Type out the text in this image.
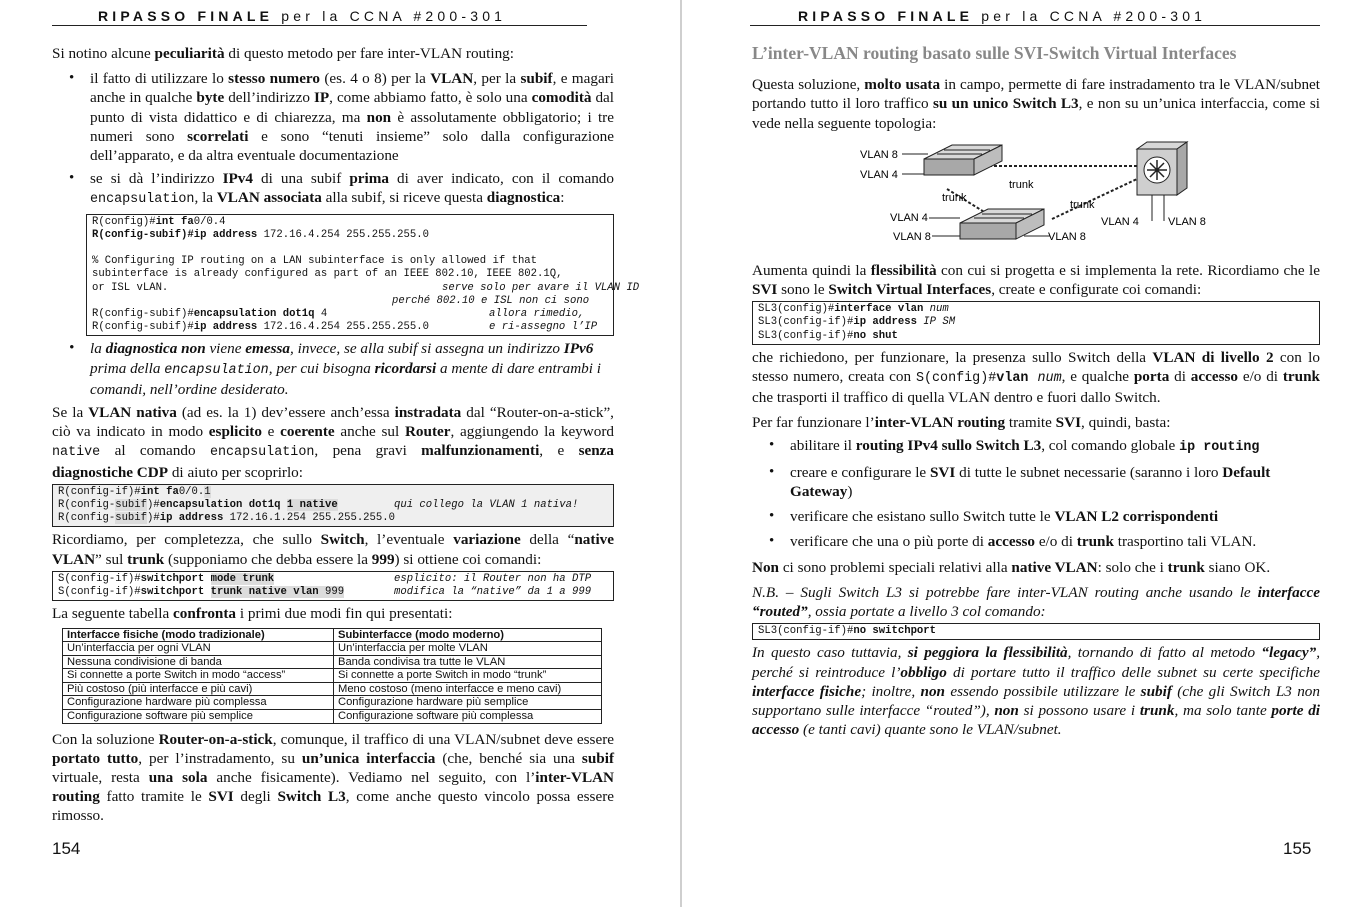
RIPASSO FINALE per la CCNA #200-301

Si notino alcune peculiarità di questo metodo per fare inter-VLAN routing:

• il fatto di utilizzare lo stesso numero (es. 4 o 8) per la VLAN, per la subif, e magari anche in qualche byte dell’indirizzo IP, come abbiamo fatto, è solo una comodità dal punto di vista didattico e di chiarezza, ma non è assolutamente obbligatorio; i tre numeri sono scorrelati e sono “tenuti insieme” solo dalla configurazione dell’apparato, e da altra eventuale documentazione
• se si dà l’indirizzo IPv4 di una subif prima di aver indicato, con il comando encapsulation, la VLAN associata alla subif, si riceve questa diagnostica:
R(config)#int fa0/0.4
R(config-subif)#ip address 172.16.4.254 255.255.255.0

% Configuring IP routing on a LAN subinterface is only allowed if that
subinterface is already configured as part of an IEEE 802.10, IEEE 802.1Q,
or ISL vLAN.	serve solo per avare il VLAN ID

perché 802.10 e ISL non ci sono
R(config-subif)#encapsulation dot1q 4	allora rimedio,
R(config-subif)#ip address 172.16.4.254 255.255.255.0	e ri-assegno l’IP
• la diagnostica non viene emessa, invece, se alla subif si assegna un indirizzo IPv6 prima della encapsulation, per cui bisogna ricordarsi a mente di dare entrambi i comandi, nell’ordine desiderato.

Se la VLAN nativa (ad es. la 1) dev’essere anch’essa instradata dal “Router-on-a-stick”, ciò va indicato in modo esplicito e coerente anche sul Router, aggiungendo la keyword native al comando encapsulation, pena gravi malfunzionamenti, e senza diagnostiche CDP di aiuto per scoprirlo:

R(config-if)#int fa0/0.1
R(config-subif)#encapsulation dot1q 1 native	qui collego la VLAN 1 nativa!
R(config-subif)#ip address 172.16.1.254 255.255.255.0

Ricordiamo, per completezza, che sullo Switch, l’eventuale variazione della “native VLAN” sul trunk (supponiamo che debba essere la 999) si ottiene coi comandi:

S(config-if)#switchport mode trunk	esplicito: il Router non ha DTP
S(config-if)#switchport trunk native vlan 999	modifica la “native” da 1 a 999

La seguente tabella confronta i primi due modi fin qui presentati:

Interfacce fisiche (modo tradizionale)	Subinterfacce (modo moderno)
Un’interfaccia per ogni VLAN	Un’interfaccia per molte VLAN
Nessuna condivisione di banda	Banda condivisa tra tutte le VLAN
Si connette a porte Switch in modo “access”	Si connette a porte Switch in modo “trunk”
Più costoso (più interfacce e più cavi)	Meno costoso (meno interfacce e meno cavi)
Configurazione hardware più complessa	Configurazione hardware più semplice
Configurazione software più semplice	Configurazione software più complessa

Con la soluzione Router-on-a-stick, comunque, il traffico di una VLAN/subnet deve essere portato tutto, per l’instradamento, su un’unica interfaccia (che, benché sia una subif virtuale, resta una sola anche fisicamente). Vediamo nel seguito, con l’inter-VLAN routing fatto tramite le SVI degli Switch L3, come anche questo vincolo possa essere rimosso.

154
RIPASSO FINALE per la CCNA #200-301
L’inter-VLAN routing basato sulle SVI-Switch Virtual Interfaces

Questa soluzione, molto usata in campo, permette di fare instradamento tra le VLAN/subnet portando tutto il loro traffico su un unico Switch L3, e non su un’unica interfaccia, come si vede nella seguente topologia:

VLAN 8
VLAN 4
trunk
trunk
trunk
VLAN 4
VLAN 8	VLAN 8
VLAN 4	VLAN 8

Aumenta quindi la flessibilità con cui si progetta e si implementa la rete. Ricordiamo che le SVI sono le Switch Virtual Interfaces, create e configurate coi comandi:

SL3(config)#interface vlan num
SL3(config-if)#ip address IP SM
SL3(config-if)#no shut

che richiedono, per funzionare, la presenza sullo Switch della VLAN di livello 2 con lo stesso numero, creata con S(config)#vlan num, e qualche porta di accesso e/o di trunk che trasporti il traffico di quella VLAN dentro e fuori dallo Switch.

Per far funzionare l’inter-VLAN routing tramite SVI, quindi, basta:

• abilitare il routing IPv4 sullo Switch L3, col comando globale ip routing
• creare e configurare le SVI di tutte le subnet necessarie (saranno i loro Default Gateway)
• verificare che esistano sullo Switch tutte le VLAN L2 corrispondenti
• verificare che una o più porte di accesso e/o di trunk trasportino tali VLAN.

Non ci sono problemi speciali relativi alla native VLAN: solo che i trunk siano OK.

N.B. – Sugli Switch L3 si potrebbe fare inter-VLAN routing anche usando le interfacce “routed”, ossia portate a livello 3 col comando:

SL3(config-if)#no switchport

In questo caso tuttavia, si peggiora la flessibilità, tornando di fatto al metodo “legacy”, perché si reintroduce l’obbligo di portare tutto il traffico delle subnet su certe specifiche interfacce fisiche; inoltre, non essendo possibile utilizzare le subif (che gli Switch L3 non supportano sulle interfacce “routed”), non si possono usare i trunk, ma solo tante porte di accesso (e tanti cavi) quante sono le VLAN/subnet.

155
